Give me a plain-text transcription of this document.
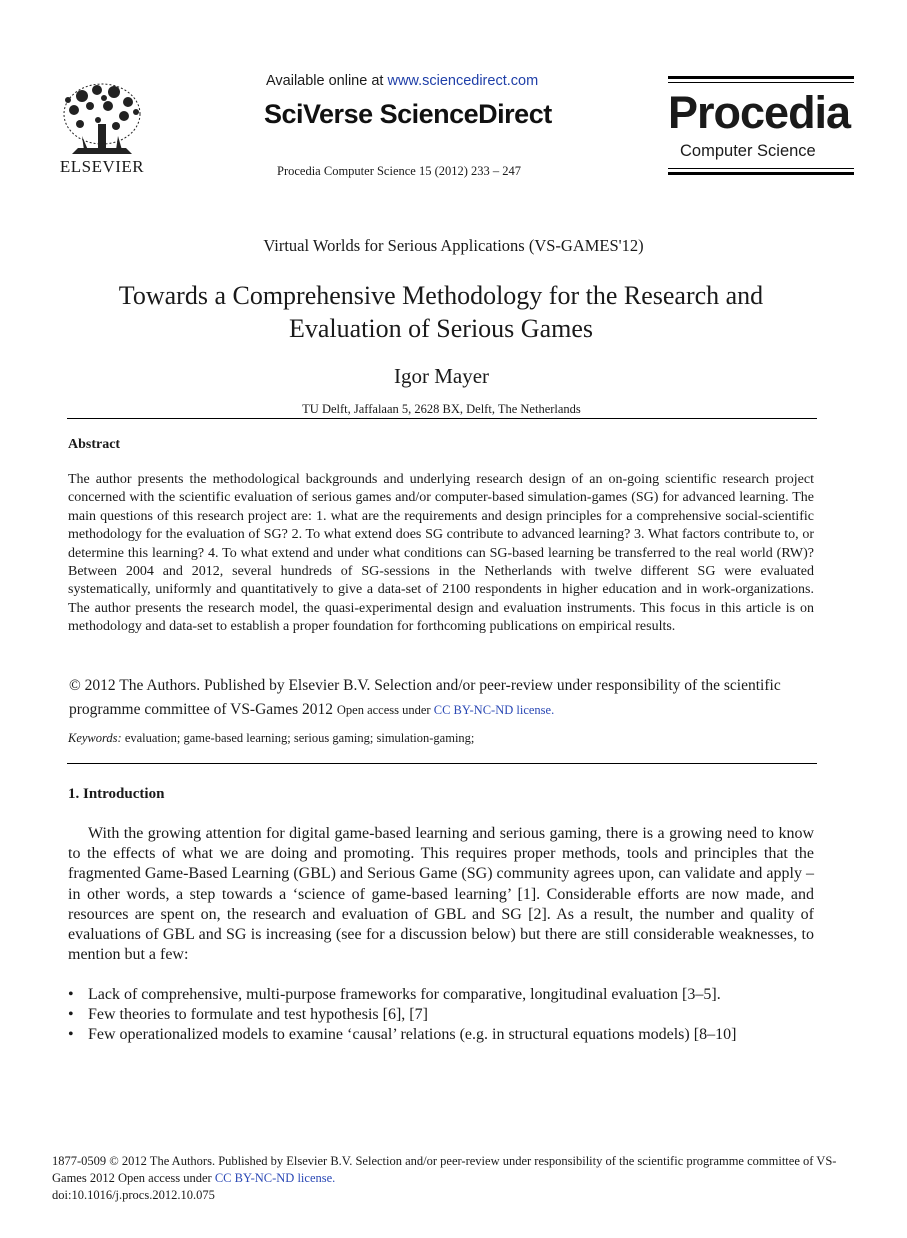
ELSEVIER
Available online at www.sciencedirect.com
SciVerse ScienceDirect
Procedia Computer Science 15 (2012) 233 – 247
Procedia
Computer Science
Virtual Worlds for Serious Applications (VS-GAMES'12)
Towards a Comprehensive Methodology for the Research and Evaluation of Serious Games
Igor Mayer
TU Delft, Jaffalaan 5, 2628 BX, Delft, The Netherlands
Abstract
The author presents the methodological backgrounds and underlying research design of an on-going scientific research project concerned with the scientific evaluation of serious games and/or computer-based simulation-games (SG) for advanced learning. The main questions of this research project are: 1. what are the requirements and design principles for a comprehensive social-scientific methodology for the evaluation of SG? 2. To what extend does SG contribute to advanced learning? 3. What factors contribute to, or determine this learning? 4. To what extend and under what conditions can SG-based learning be transferred to the real world (RW)? Between 2004 and 2012, several hundreds of SG-sessions in the Netherlands with twelve different SG were evaluated systematically, uniformly and quantitatively to give a data-set of 2100 respondents in higher education and in work-organizations. The author presents the research model, the quasi-experimental design and evaluation instruments. This focus in this article is on methodology and data-set to establish a proper foundation for forthcoming publications on empirical results.
© 2012 The Authors. Published by Elsevier B.V. Selection and/or peer-review under responsibility of the scientific programme committee of VS-Games 2012 Open access under CC BY-NC-ND license.
Keywords: evaluation; game-based learning; serious gaming; simulation-gaming;
1. Introduction
With the growing attention for digital game-based learning and serious gaming, there is a growing need to know to the effects of what we are doing and promoting. This requires proper methods, tools and principles that the fragmented Game-Based Learning (GBL) and Serious Game (SG) community agrees upon, can validate and apply – in other words, a step towards a ‘science of game-based learning’ [1]. Considerable efforts are now made, and resources are spent on, the research and evaluation of GBL and SG [2]. As a result, the number and quality of evaluations of GBL and SG is increasing (see for a discussion below) but there are still considerable weaknesses, to mention but a few:
• Lack of comprehensive, multi-purpose frameworks for comparative, longitudinal evaluation [3–5].
• Few theories to formulate and test hypothesis [6], [7]
• Few operationalized models to examine ‘causal’ relations (e.g. in structural equations models) [8–10]
1877-0509 © 2012 The Authors. Published by Elsevier B.V. Selection and/or peer-review under responsibility of the scientific programme committee of VS-Games 2012 Open access under CC BY-NC-ND license.
doi:10.1016/j.procs.2012.10.075
